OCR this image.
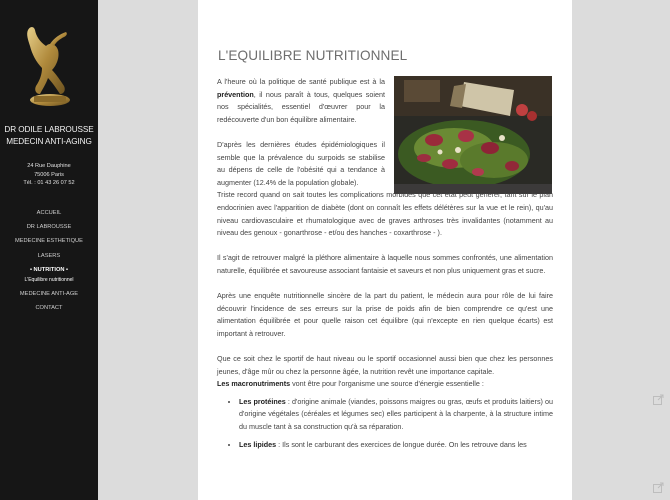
DR ODILE LABROUSSE
MEDECIN ANTI-AGING
24 Rue Dauphine
75006 Paris
Tél. : 01 43 26 07 52
ACCUEIL
DR LABROUSSE
MEDECINE ESTHETIQUE
LASERS
• NUTRITION •
L'Equilibre nutritionnel
MEDECINE ANTI-AGE
CONTACT
L'EQUILIBRE NUTRITIONNEL

A l'heure où la politique de santé publique est à la prévention, il nous paraît à tous, quelques soient nos spécialités, essentiel d'œuvrer pour la redécouverte d'un bon équilibre alimentaire.

D'après les dernières études épidémiologiques il semble que la prévalence du surpoids se stabilise au dépens de celle de l'obésité qui a tendance à augmenter (12.4% de la population globale).

Triste record quand on sait toutes les complications morbides que cet état peut générer, tant sur le plan endocrinien avec l'apparition de diabète (dont on connaît les effets délétères sur la vue et le rein), qu'au niveau cardiovasculaire et rhumatologique avec de graves arthroses très invalidantes (notamment au niveau des genoux - gonarthrose - et/ou des hanches - coxarthrose - ).

Il s'agit de retrouver malgré la pléthore alimentaire à laquelle nous sommes confrontés, une alimentation naturelle, équilibrée et savoureuse associant fantaisie et saveurs et non plus uniquement gras et sucre.

Après une enquête nutritionnelle sincère de la part du patient, le médecin aura pour rôle de lui faire découvrir l'incidence de ses erreurs sur la prise de poids afin de bien comprendre ce qu'est une alimentation équilibrée et pour quelle raison cet équilibre (qui n'excepte en rien quelque écarts) est important à retrouver.

Que ce soit chez le sportif de haut niveau ou le sportif occasionnel aussi bien que chez les personnes jeunes, d'âge mûr ou chez la personne âgée, la nutrition revêt une importance capitale.

Les macronutriments vont être pour l'organisme une source d'énergie essentielle :

• Les protéines : d'origine animale (viandes, poissons maigres ou gras, œufs et produits laitiers) ou d'origine végétales (céréales et légumes sec) elles participent à la charpente, à la structure intime du muscle tant à sa construction qu'à sa réparation.
• Les lipides : Ils sont le carburant des exercices de longue durée. On les retrouve dans les
